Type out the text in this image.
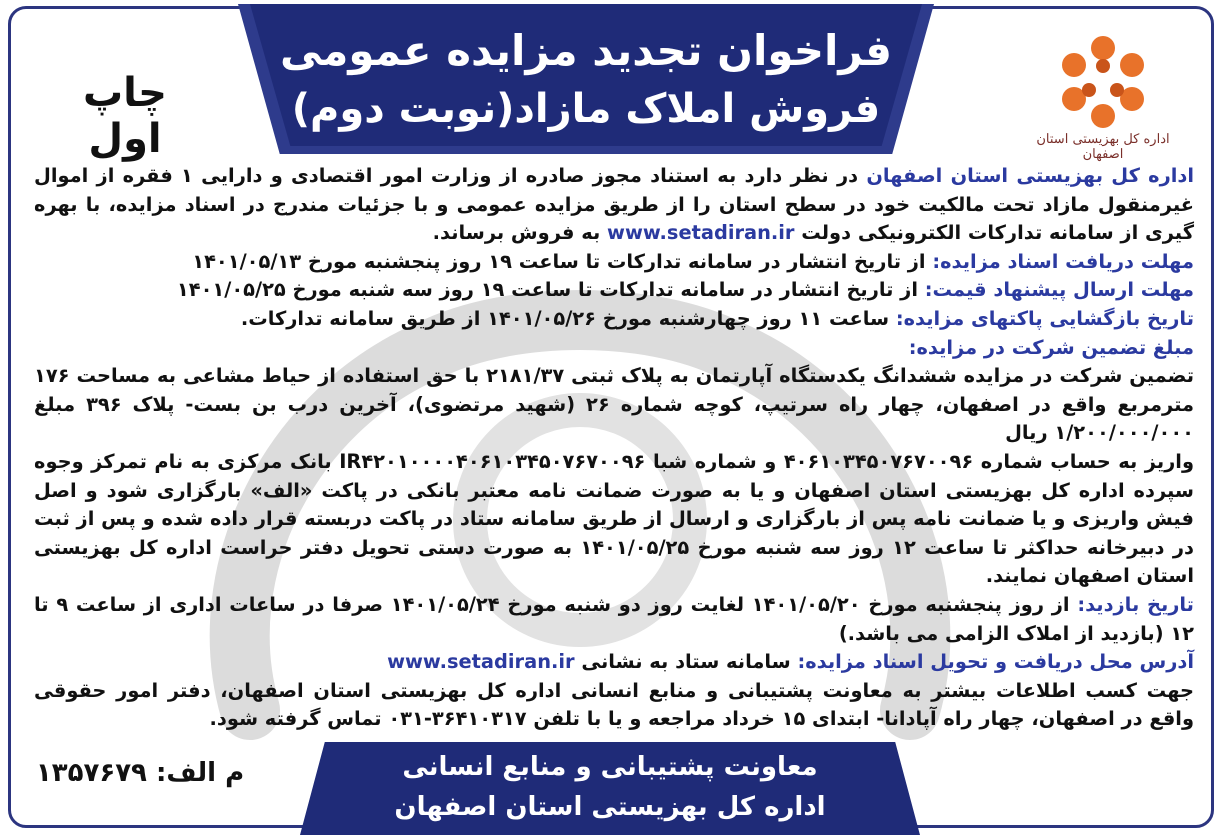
فراخوان تجدید مزایده عمومی
فروش املاک مازاد(نوبت دوم)
چاپ اول	اداره کل بهزیستی استان اصفهان

اداره کل بهزیستی استان اصفهان در نظر دارد به استناد مجوز صادره از وزارت امور اقتصادی و دارایی ۱ فقره از اموال غیرمنقول مازاد تحت مالکیت خود در سطح استان را از طریق مزایده عمومی و با جزئیات مندرج در اسناد مزایده، با بهره گیری از سامانه تدارکات الکترونیکی دولت www.setadiran.ir به فروش برساند.

مهلت دریافت اسناد مزایده: از تاریخ انتشار در سامانه تدارکات تا ساعت ۱۹ روز پنجشنبه مورخ ۱۴۰۱/۰۵/۱۳

مهلت ارسال پیشنهاد قیمت: از تاریخ انتشار در سامانه تدارکات تا ساعت ۱۹ روز سه شنبه مورخ ۱۴۰۱/۰۵/۲۵

تاریخ بازگشایی پاکتهای مزایده: ساعت ۱۱ روز چهارشنبه مورخ ۱۴۰۱/۰۵/۲۶ از طریق سامانه تدارکات.

مبلغ تضمین شرکت در مزایده:

تضمین شرکت در مزایده ششدانگ یکدستگاه آپارتمان به پلاک ثبتی ۲۱۸۱/۳۷ با حق استفاده از حیاط مشاعی به مساحت ۱۷۶ مترمربع واقع در اصفهان، چهار راه سرتیپ، کوچه شماره ۲۶ (شهید مرتضوی)، آخرین درب بن بست- پلاک ۳۹۶ مبلغ ۱/۲۰۰/۰۰۰/۰۰۰ ریال

واریز به حساب شماره ۴۰۶۱۰۳۴۵۰۷۶۷۰۰۹۶ و شماره شبا IR۴۲۰۱۰۰۰۰۴۰۶۱۰۳۴۵۰۷۶۷۰۰۹۶ بانک مرکزی به نام تمرکز وجوه سپرده اداره کل بهزیستی استان اصفهان و یا به صورت ضمانت نامه معتبر بانکی در پاکت «الف» بارگزاری شود و اصل فیش واریزی و یا ضمانت نامه پس از بارگزاری و ارسال از طریق سامانه ستاد در پاکت دربسته قرار داده شده و پس از ثبت در دبیرخانه حداکثر تا ساعت ۱۲ روز سه شنبه مورخ ۱۴۰۱/۰۵/۲۵ به صورت دستی تحویل دفتر حراست اداره کل بهزیستی استان اصفهان نمایند.

تاریخ بازدید: از روز پنجشنبه مورخ ۱۴۰۱/۰۵/۲۰ لغایت روز دو شنبه مورخ ۱۴۰۱/۰۵/۲۴ صرفا در ساعات اداری از ساعت ۹ تا ۱۲ (بازدید از املاک الزامی می باشد.)

آدرس محل دریافت و تحویل اسناد مزایده: سامانه ستاد به نشانی www.setadiran.ir

جهت کسب اطلاعات بیشتر به معاونت پشتیبانی و منابع انسانی اداره کل بهزیستی استان اصفهان، دفتر امور حقوقی واقع در اصفهان، چهار راه آپادانا- ابتدای ۱۵ خرداد مراجعه و یا با تلفن ۳۶۴۱۰۳۱۷-۰۳۱ تماس گرفته شود.

م الف: ۱۳۵۷۶۷۹	معاونت پشتیبانی و منابع انسانی
اداره کل بهزیستی استان اصفهان
